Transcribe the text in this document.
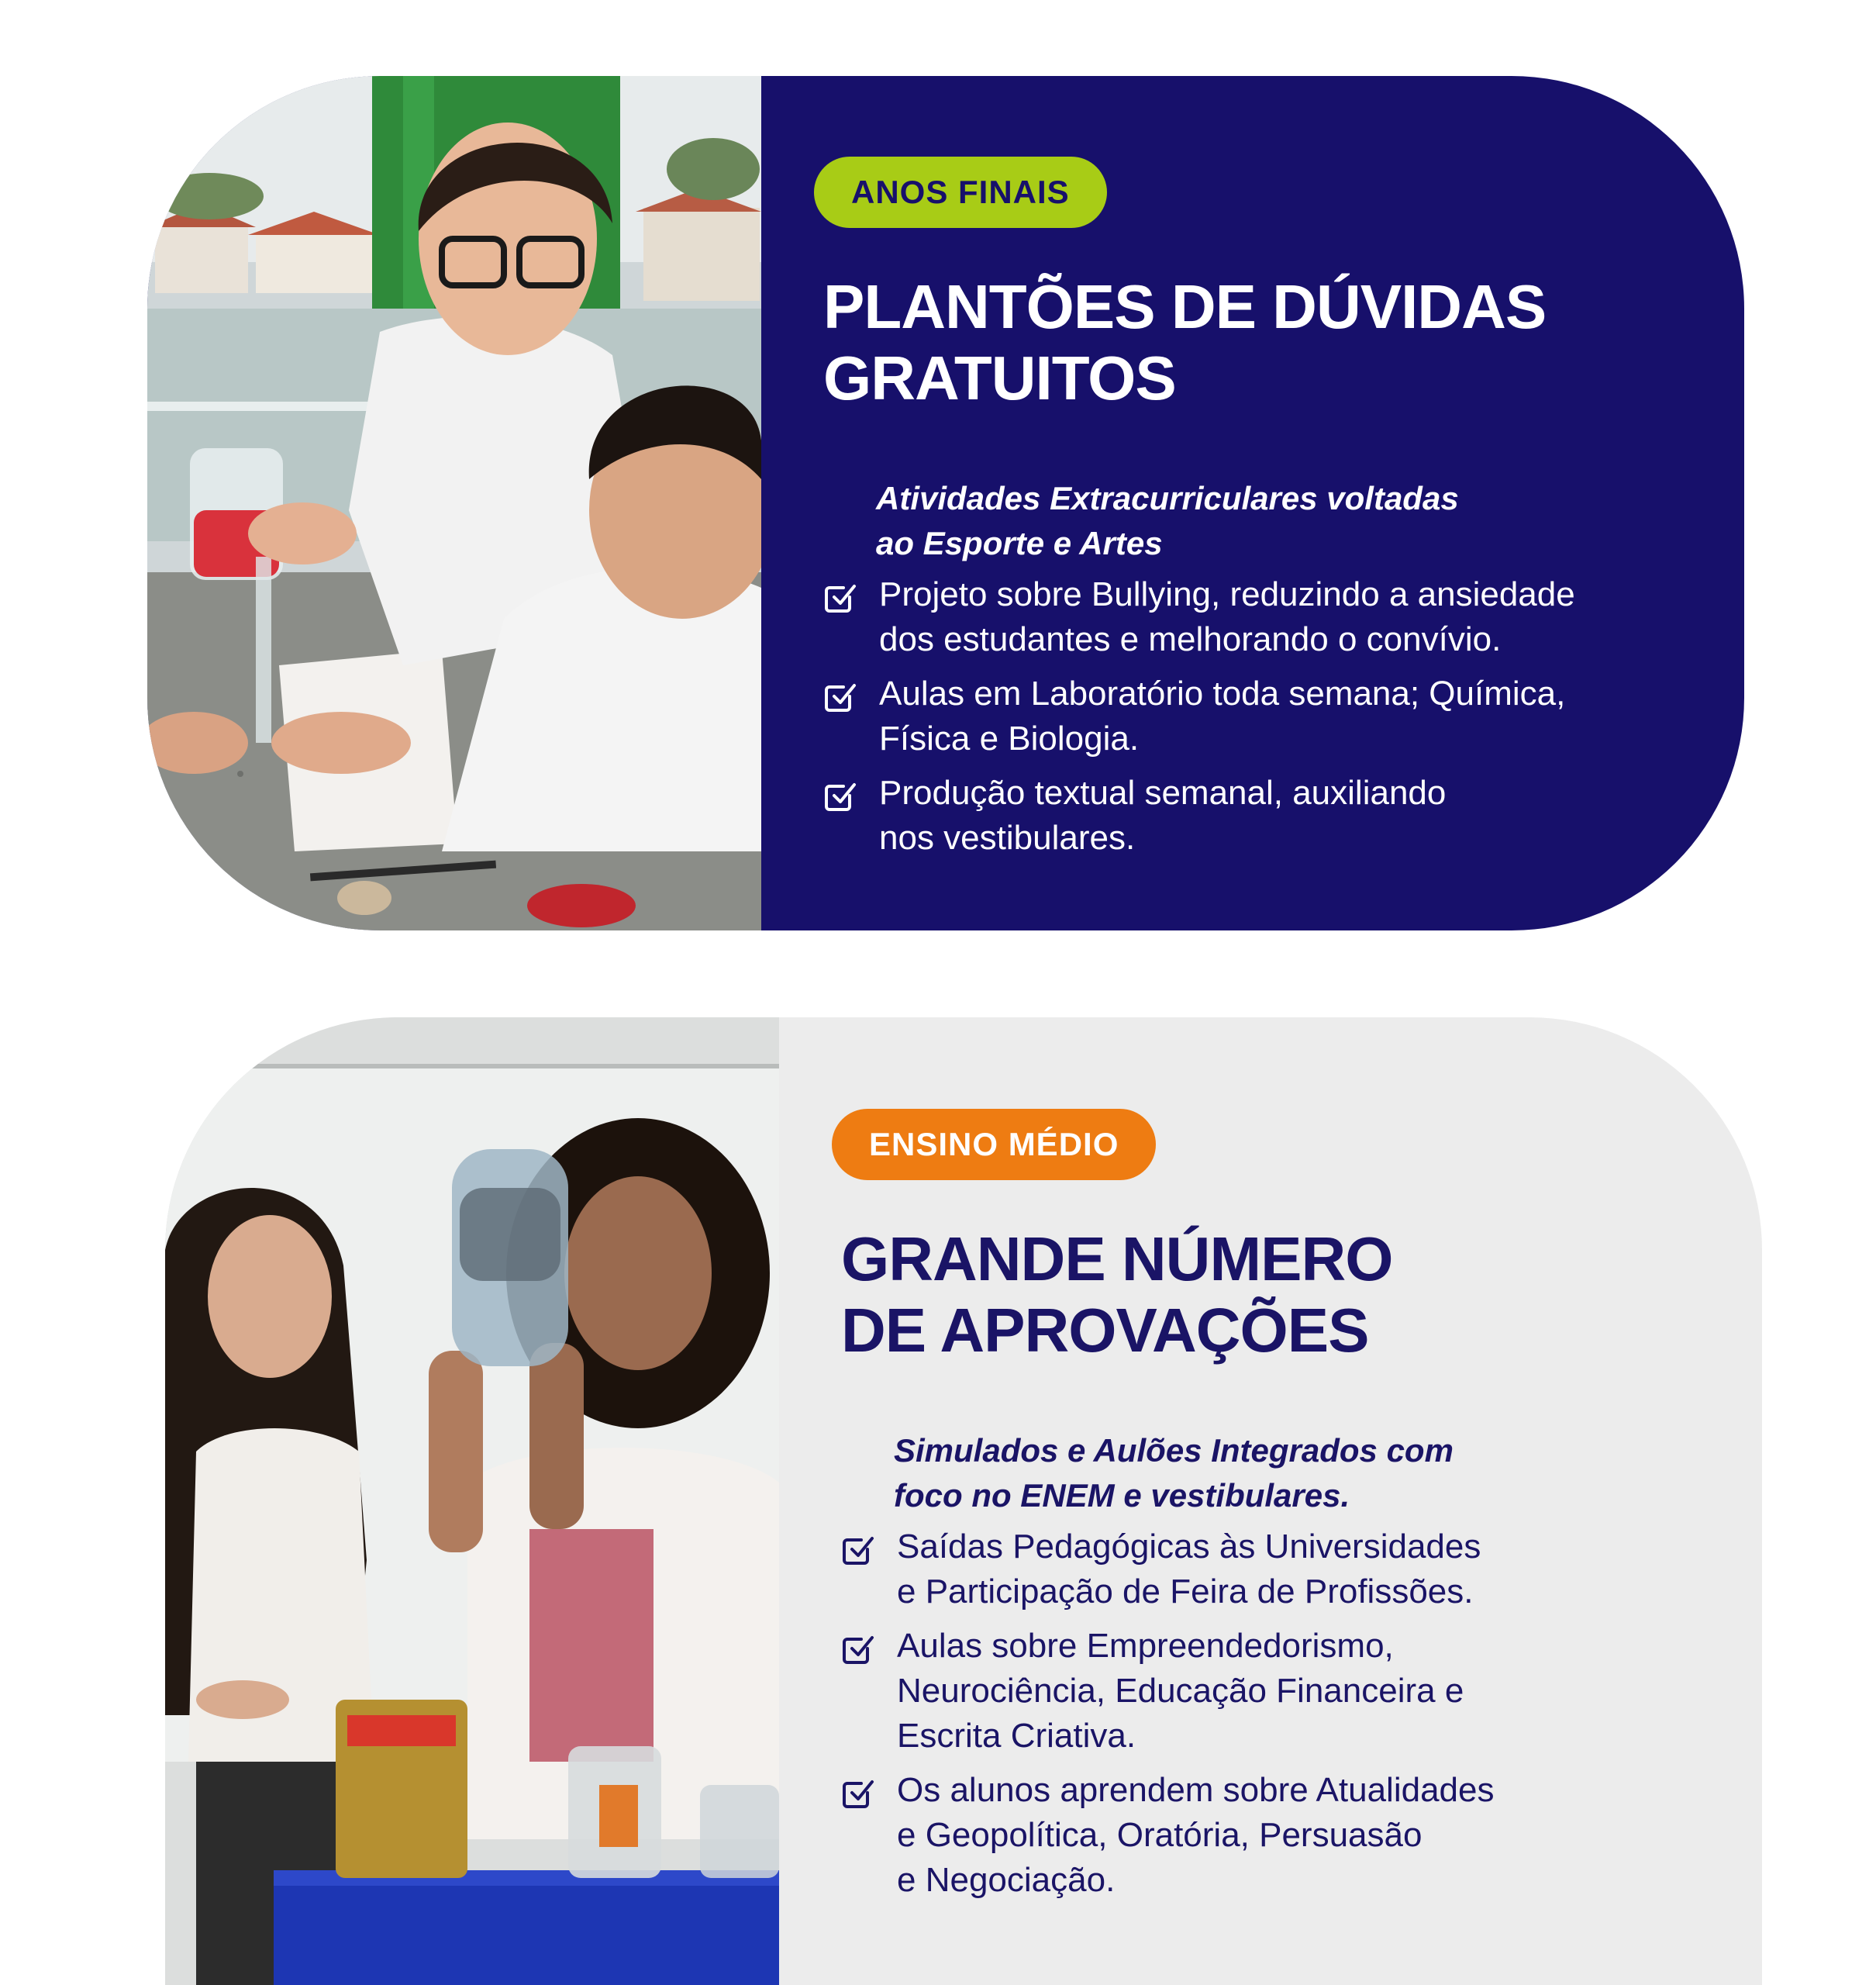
ANOS FINAIS
PLANTÕES DE DÚVIDAS
GRATUITOS
Atividades Extracurriculares voltadas
ao Esporte e Artes
Projeto sobre Bullying, reduzindo a ansiedade
dos estudantes e melhorando o convívio.
Aulas em Laboratório toda semana; Química,
Física e Biologia.
Produção textual semanal, auxiliando
nos vestibulares.
ENSINO MÉDIO
GRANDE NÚMERO
DE APROVAÇÕES
Simulados e Aulões Integrados com
foco no ENEM e vestibulares.
Saídas Pedagógicas às Universidades
e Participação de Feira de Profissões.
Aulas sobre Empreendedorismo,
Neurociência, Educação Financeira e
Escrita Criativa.
Os alunos aprendem sobre Atualidades
e Geopolítica, Oratória, Persuasão
e Negociação.
